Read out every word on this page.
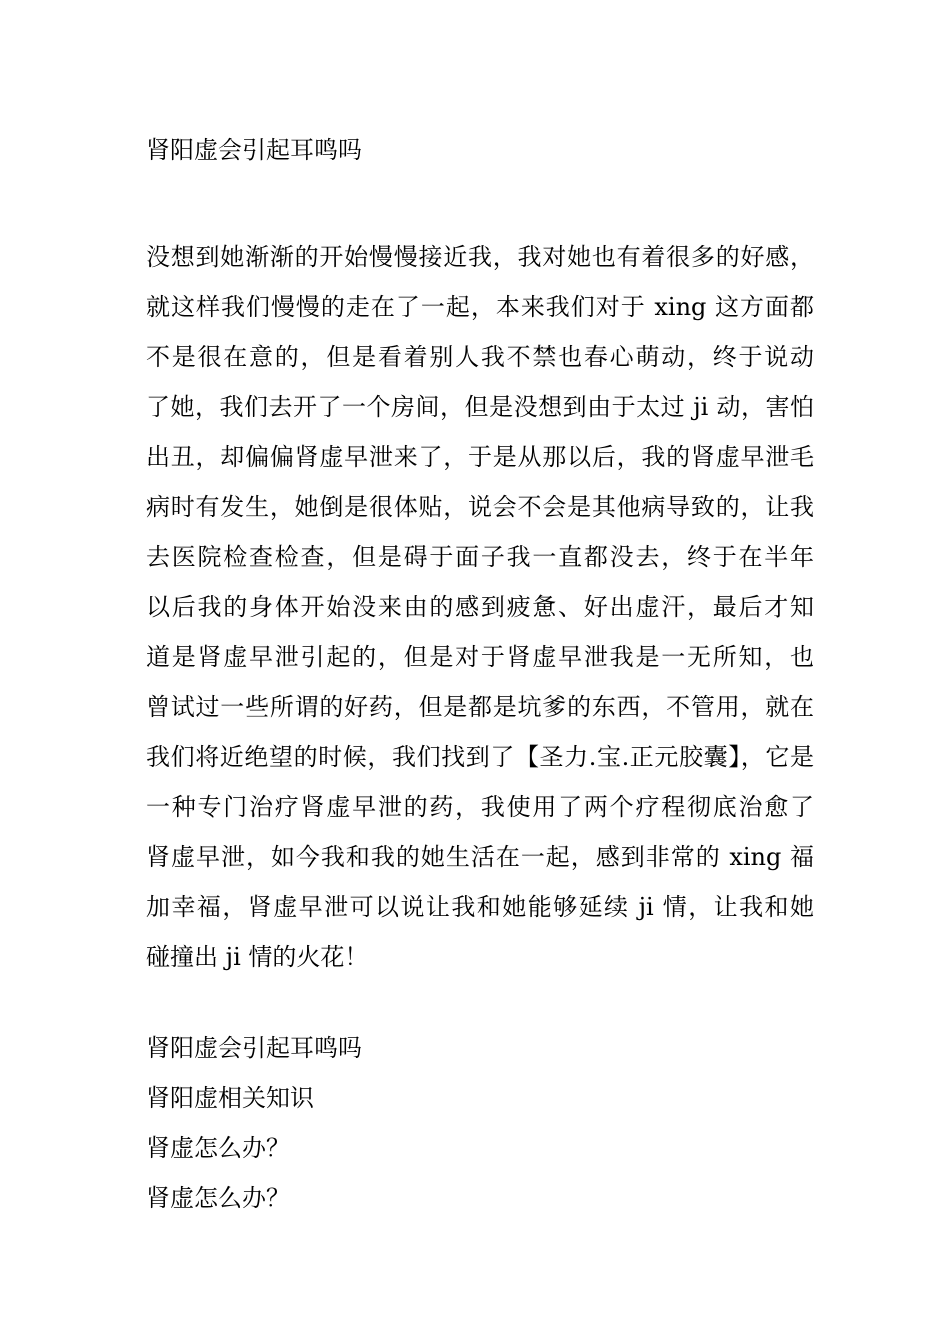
肾阳虚会引起耳鸣吗
没想到她渐渐的开始慢慢接近我，我对她也有着很多的好感，
就这样我们慢慢的走在了一起，本来我们对于 xing 这方面都
不是很在意的，但是看着别人我不禁也春心萌动，终于说动
了她，我们去开了一个房间，但是没想到由于太过 ji 动，害怕
出丑，却偏偏肾虚早泄来了，于是从那以后，我的肾虚早泄毛
病时有发生，她倒是很体贴，说会不会是其他病导致的，让我
去医院检查检查，但是碍于面子我一直都没去，终于在半年
以后我的身体开始没来由的感到疲惫、好出虚汗，最后才知
道是肾虚早泄引起的，但是对于肾虚早泄我是一无所知，也
曾试过一些所谓的好药，但是都是坑爹的东西，不管用，就在
我们将近绝望的时候，我们找到了【圣力.宝.正元胶囊】，它是
一种专门治疗肾虚早泄的药，我使用了两个疗程彻底治愈了
肾虚早泄，如今我和我的她生活在一起，感到非常的 xing 福
加幸福，肾虚早泄可以说让我和她能够延续 ji 情，让我和她
碰撞出 ji 情的火花！
肾阳虚会引起耳鸣吗
肾阳虚相关知识
肾虚怎么办？
肾虚怎么办？
